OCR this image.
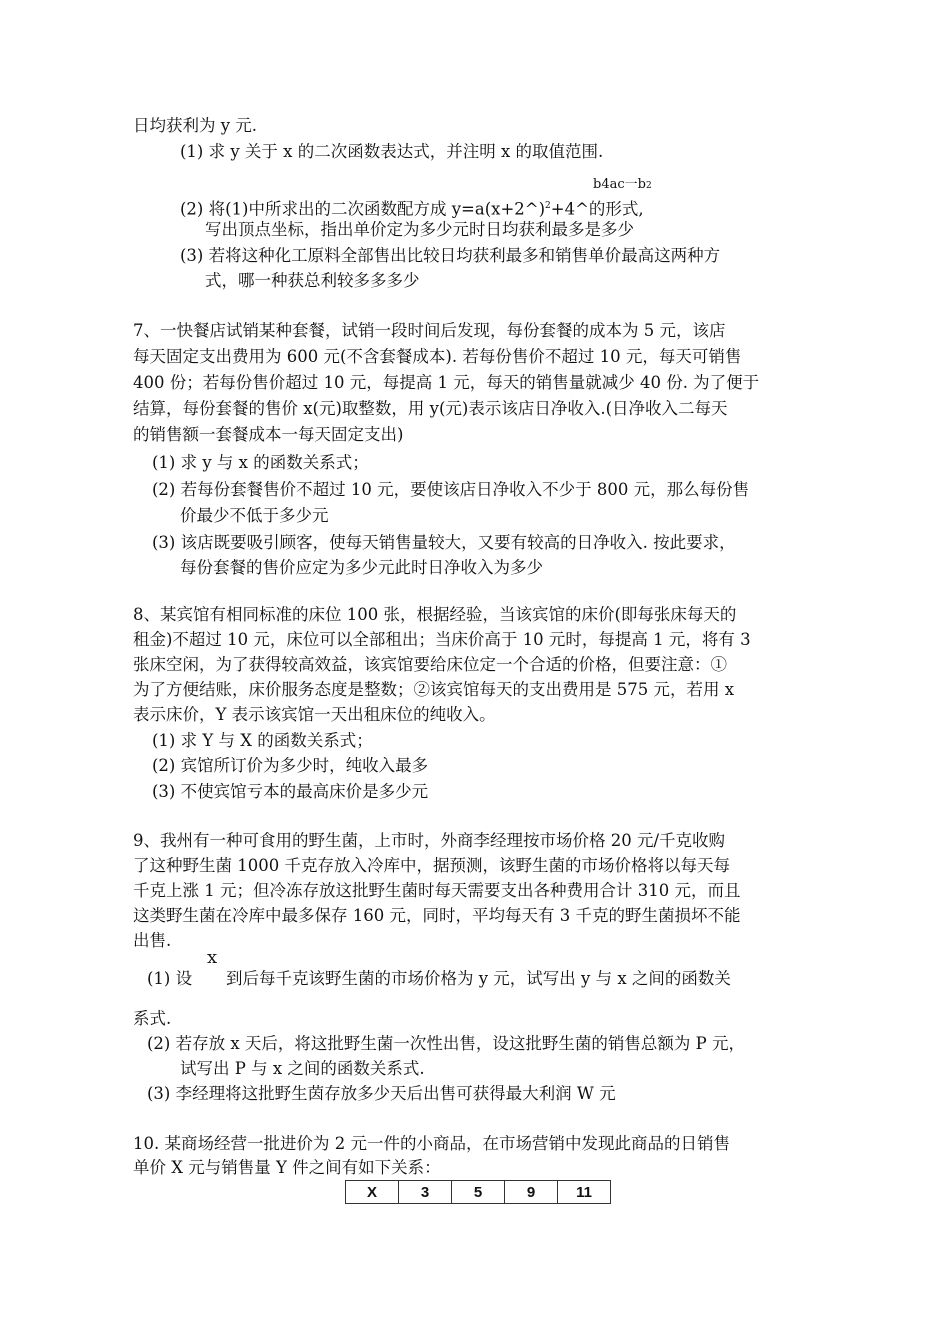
日均获利为 y 元.
(1) 求 y 关于 x 的二次函数表达式，并注明 x 的取值范围.
b4ac一b2
(2) 将(1)中所求出的二次函数配方成 y=a(x+2^)$^2$+4^的形式,
写出顶点坐标，指出单价定为多少元时日均获利最多是多少
(3) 若将这种化工原料全部售出比较日均获利最多和销售单价最高这两种方
式，哪一种获总利较多多多少
7、一快餐店试销某种套餐，试销一段时间后发现，每份套餐的成本为 5 元，该店
每天固定支出费用为 600 元(不含套餐成本). 若每份售价不超过 10 元，每天可销售
400 份；若每份售价超过 10 元，每提高 1 元，每天的销售量就减少 40 份. 为了便于
结算，每份套餐的售价 x(元)取整数，用 y(元)表示该店日净收入.(日净收入二每天
的销售额一套餐成本一每天固定支出)
(1) 求 y 与 x 的函数关系式；
(2) 若每份套餐售价不超过 10 元，要使该店日净收入不少于 800 元，那么每份售
价最少不低于多少元
(3) 该店既要吸引顾客，使每天销售量较大，又要有较高的日净收入. 按此要求，
每份套餐的售价应定为多少元此时日净收入为多少
8、某宾馆有相同标准的床位 100 张，根据经验，当该宾馆的床价(即每张床每天的
租金)不超过 10 元，床位可以全部租出；当床价高于 10 元时，每提高 1 元，将有 3
张床空闲，为了获得较高效益，该宾馆要给床位定一个合适的价格，但要注意：①
为了方便结账，床价服务态度是整数；②该宾馆每天的支出费用是 575 元，若用 x
表示床价，Y 表示该宾馆一天出租床位的纯收入。
(1) 求 Y 与 X 的函数关系式；
(2) 宾馆所订价为多少时，纯收入最多
(3) 不使宾馆亏本的最高床价是多少元
9、我州有一种可食用的野生菌，上市时，外商李经理按市场价格 20 元/千克收购
了这种野生菌 1000 千克存放入冷库中，据预测，该野生菌的市场价格将以每天每
千克上涨 1 元；但冷冻存放这批野生菌时每天需要支出各种费用合计 310 元，而且
这类野生菌在冷库中最多保存 160 元，同时，平均每天有 3 千克的野生菌损坏不能
出售.
x
(1) 设 到后每千克该野生菌的市场价格为 y 元，试写出 y 与 x 之间的函数关
系式.
(2) 若存放 x 天后，将这批野生菌一次性出售，设这批野生菌的销售总额为 P 元，
试写出 P 与 x 之间的函数关系式.
(3) 李经理将这批野生茵存放多少天后出售可获得最大利润 W 元
10. 某商场经营一批进价为 2 元一件的小商品，在市场营销中发现此商品的日销售
单价 X 元与销售量 Y 件之间有如下关系：
X	3	5	9	11
